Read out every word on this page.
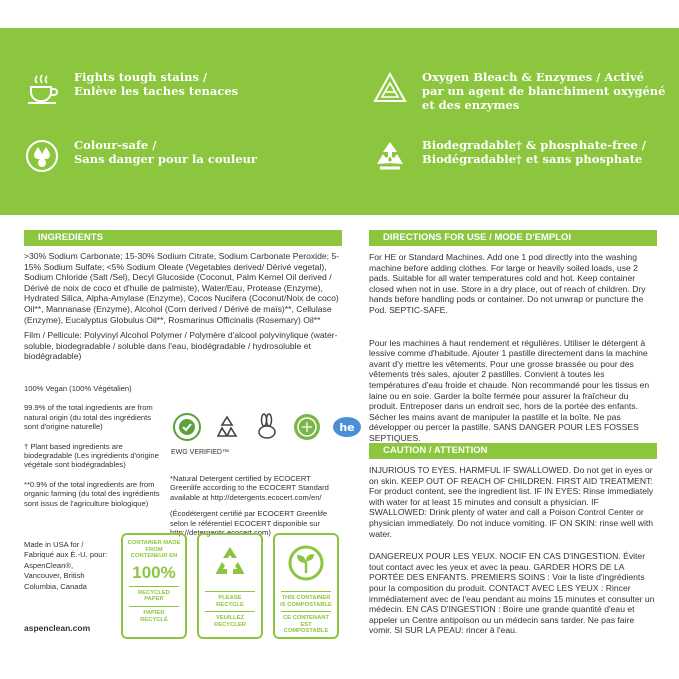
Fights tough stains /
Enlève les taches tenaces
Oxygen Bleach & Enzymes / Activé
par un agent de blanchiment oxygéné
et des enzymes
Colour-safe /
Sans danger pour la couleur
Biodegradable† & phosphate-free /
Biodégradable† et sans phosphate
INGREDIENTS

>30% Sodium Carbonate; 15-30% Sodium Citrate, Sodium Carbonate Peroxide; 5-15% Sodium Sulfate; <5% Sodium Oleate (Vegetables derived/ Dérivé vegetal), Sodium Chloride (Salt /Sel), Decyl Glucoside (Coconut, Palm Kernel Oil derived / Dérivé de noix de coco et d'huile de palmiste), Water/Eau, Protease (Enzyme), Hydrated Silica, Alpha-Amylase (Enzyme), Cocos Nucifera (Coconut/Noix de coco) Oil**, Mannanase (Enzyme), Alcohol (Corn derived / Dérivé de maïs)**, Cellulase (Enzyme), Eucalyptus Globulus Oil**, Rosmarinus Officinalis (Rosemary) Oil**

Film / Pellicule: Polyvinyl Alcohol Polymer / Polymère d'alcool polyvinylique (water-soluble, biodegradable / soluble dans l'eau, biodégradable / hydrosoluble et biodégradable)

100% Vegan (100% Végétalien)
99.9% of the total ingredients are from natural origin (du total des ingrédients sont d'origine naturelle)
† Plant based ingredients are biodegradable (Les ingrédients d'origine végétale sont biodégradables)
**0.9% of the total ingredients are from organic farming (du total des ingrédients sont issus de l'agriculture biologique)
he
EWG VERIFIED™
*Natural Detergent certified by ECOCERT Greenlife according to the ECOCERT Standard available at http://detergents.ecocert.com/en/
(Écodétergent certifié par ECOCERT Greenlife selon le référentiel ECOCERT disponible sur http://detergents.ecocert.com)
Made in USA for /
Fabriqué aux É.-U. pour:
AspenClean®,
Vancouver, British
Columbia, Canada
aspenclean.com
CONTAINER MADE FROM CONTENEUR EN
100%
RECYCLED PAPER
PAPIER RECYCLÉ
PLEASE RECYCLE
VEUILLEZ RECYCLER
THIS CONTAINER IS COMPOSTABLE
CE CONTENANT EST COMPOSTABLE
DIRECTIONS FOR USE / MODE D'EMPLOI

For HE or Standard Machines. Add one 1 pod directly into the washing machine before adding clothes. For large or heavily soiled loads, use 2 pads. Suitable for all water temperatures cold and hot. Keep container closed when not in use. Store in a dry place, out of reach of children. Dry hands before handling pods or container. Do not unwrap or puncture the Pod. SEPTIC-SAFE.

Pour les machines à haut rendement et régulières. Utiliser le détergent à lessive comme d'habitude. Ajouter 1 pastille directement dans la machine avant d'y mettre les vêtements. Pour une grosse brassée ou pour des vêtements très sales, ajouter 2 pastilles. Convient à toutes les températures d'eau froide et chaude. Non recommandé pour les tissus en laine ou en soie. Garder la boîte fermée pour assurer la fraîcheur du produit. Entreposer dans un endroit sec, hors de la portée des enfants. Sécher les mains avant de manipuler la pastille et la boîte. Ne pas développer ou percer la pastille. SANS DANGER POUR LES FOSSES SEPTIQUES.

CAUTION / ATTENTION

INJURIOUS TO EYES. HARMFUL IF SWALLOWED. Do not get in eyes or on skin. KEEP OUT OF REACH OF CHILDREN. FIRST AID TREATMENT: For product content, see the ingredient list. IF IN EYES: Rinse immediately with water for at least 15 minutes and consult a physician. IF SWALLOWED: Drink plenty of water and call a Poison Control Center or physician immediately. Do not induce vomiting. IF ON SKIN: rinse well with water.

DANGEREUX POUR LES YEUX. NOCIF EN CAS D'INGESTION. Éviter tout contact avec les yeux et avec la peau. GARDER HORS DE LA PORTÉE DES ENFANTS. PREMIERS SOINS : Voir la liste d'ingrédients pour la composition du produit. CONTACT AVEC LES YEUX : Rincer immédiatement avec de l'eau pendant au moins 15 minutes et consulter un médecin. EN CAS D'INGESTION : Boire une grande quantité d'eau et appeler un Centre antipoison ou un médecin sans tarder. Ne pas faire vomir. SI SUR LA PEAU: rincer à l'eau.
